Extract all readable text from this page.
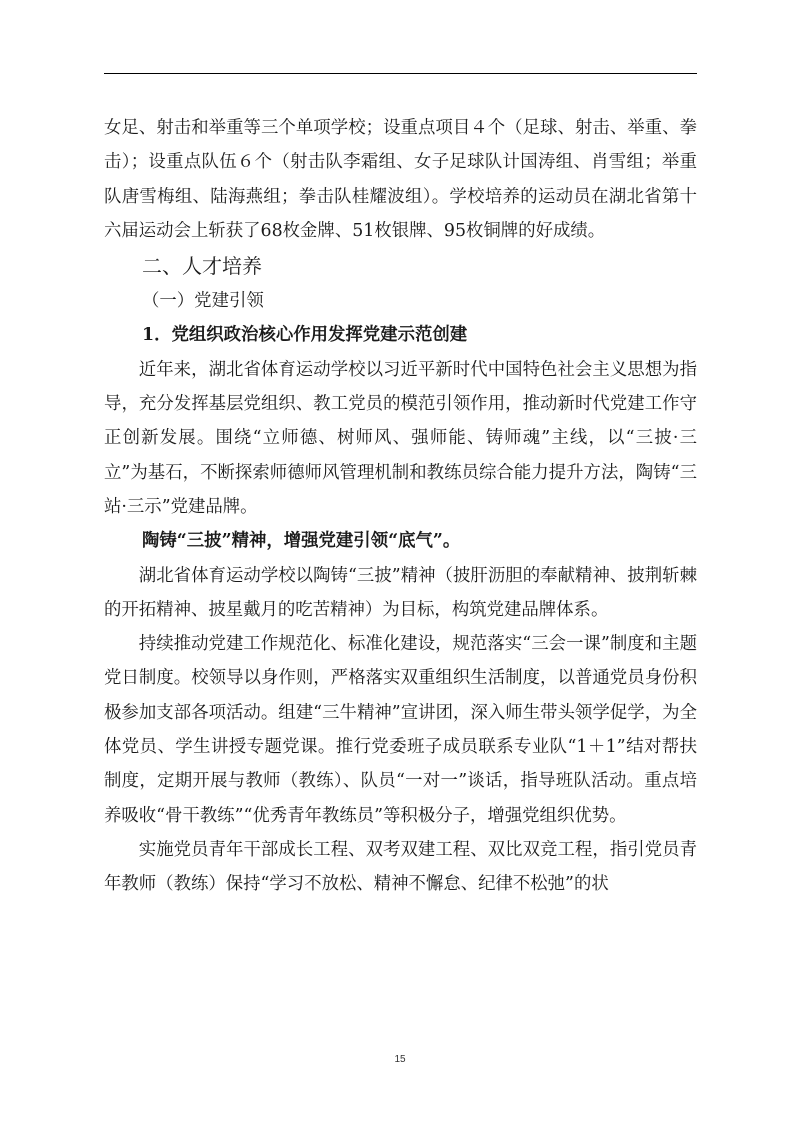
女足、射击和举重等三个单项学校；设重点项目４个（足球、射击、举重、拳击）；设重点队伍６个（射击队李霜组、女子足球队计国涛组、肖雪组；举重队唐雪梅组、陆海燕组；拳击队桂耀波组）。学校培养的运动员在湖北省第十六届运动会上斩获了68枚金牌、51枚银牌、95枚铜牌的好成绩。

二、人才培养

（一）党建引领

1．党组织政治核心作用发挥党建示范创建

近年来，湖北省体育运动学校以习近平新时代中国特色社会主义思想为指导，充分发挥基层党组织、教工党员的模范引领作用，推动新时代党建工作守正创新发展。围绕“立师德、树师风、强师能、铸师魂”主线，以“三披·三立”为基石，不断探索师德师风管理机制和教练员综合能力提升方法，陶铸“三站·三示”党建品牌。

陶铸“三披”精神，增强党建引领“底气”。

湖北省体育运动学校以陶铸“三披”精神（披肝沥胆的奉献精神、披荆斩棘的开拓精神、披星戴月的吃苦精神）为目标，构筑党建品牌体系。

持续推动党建工作规范化、标准化建设，规范落实“三会一课”制度和主题党日制度。校领导以身作则，严格落实双重组织生活制度，以普通党员身份积极参加支部各项活动。组建“三牛精神”宣讲团，深入师生带头领学促学，为全体党员、学生讲授专题党课。推行党委班子成员联系专业队“1＋1”结对帮扶制度，定期开展与教师（教练）、队员“一对一”谈话，指导班队活动。重点培养吸收“骨干教练”“优秀青年教练员”等积极分子，增强党组织优势。

实施党员青年干部成长工程、双考双建工程、双比双竞工程，指引党员青年教师（教练）保持“学习不放松、精神不懈怠、纪律不松弛”的状

15
